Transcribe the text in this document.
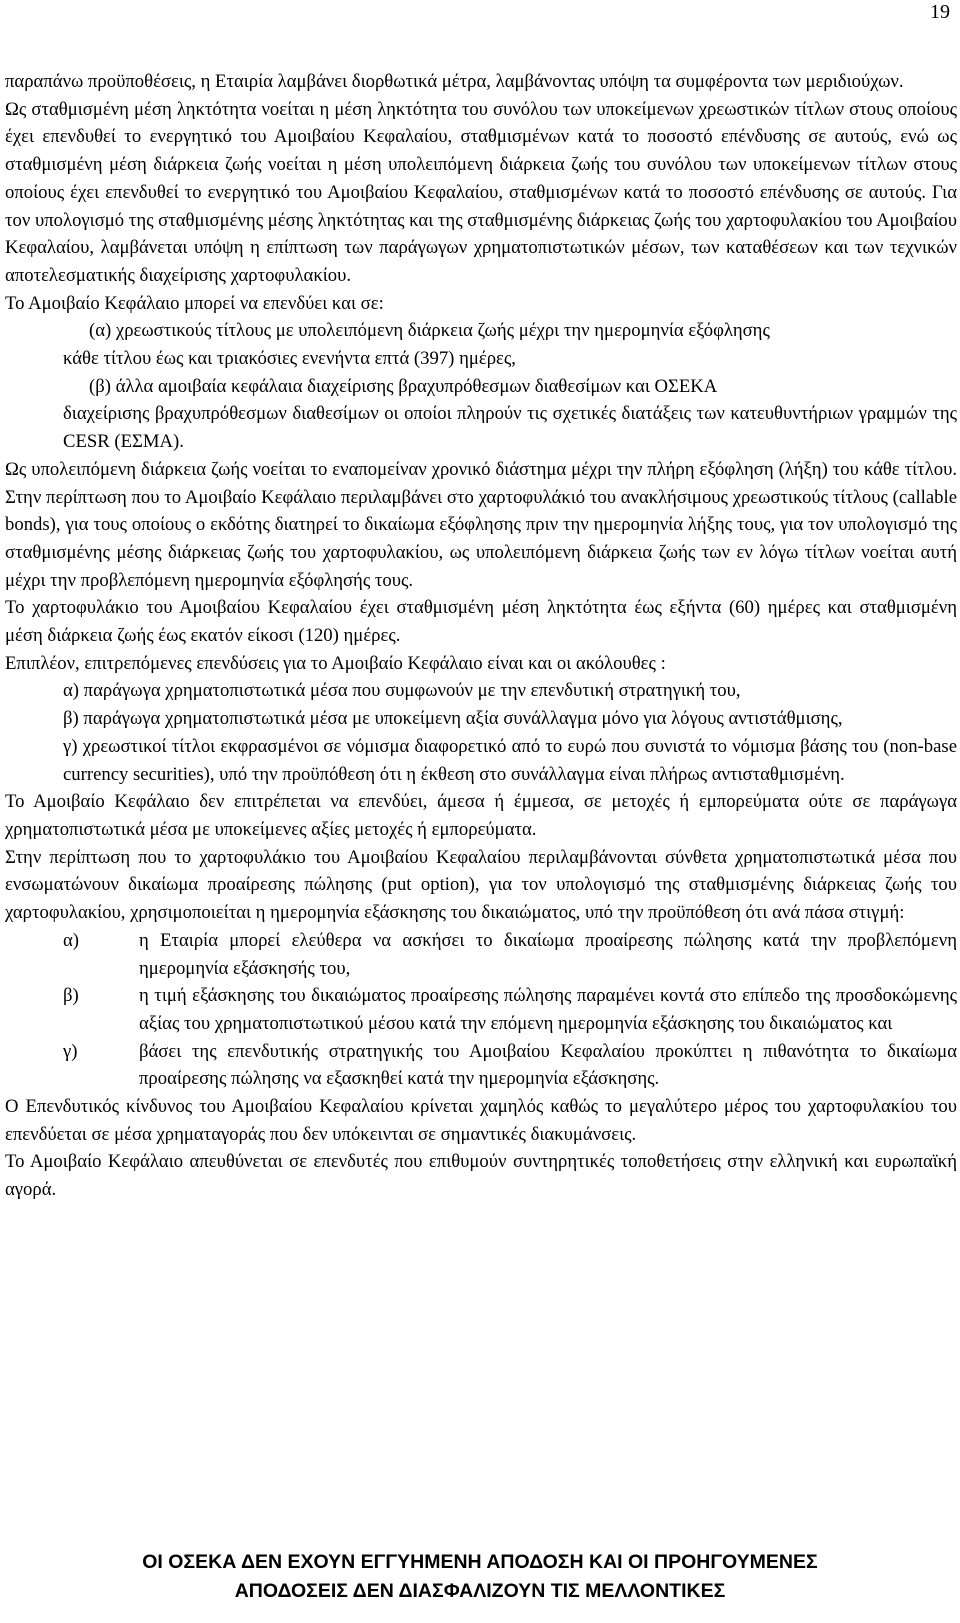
19

παραπάνω προϋποθέσεις, η Εταιρία λαμβάνει διορθωτικά μέτρα, λαμβάνοντας υπόψη τα συμφέροντα των μεριδιούχων.

Ως σταθμισμένη μέση ληκτότητα νοείται η μέση ληκτότητα του συνόλου των υποκείμενων χρεωστικών τίτλων στους οποίους έχει επενδυθεί το ενεργητικό του Αμοιβαίου Κεφαλαίου, σταθμισμένων κατά το ποσοστό επένδυσης σε αυτούς, ενώ ως σταθμισμένη μέση διάρκεια ζωής νοείται η μέση υπολειπόμενη διάρκεια ζωής του συνόλου των υποκείμενων τίτλων στους οποίους έχει επενδυθεί το ενεργητικό του Αμοιβαίου Κεφαλαίου, σταθμισμένων κατά το ποσοστό επένδυσης σε αυτούς. Για τον υπολογισμό της σταθμισμένης μέσης ληκτότητας και της σταθμισμένης διάρκειας ζωής του χαρτοφυλακίου του Αμοιβαίου Κεφαλαίου, λαμβάνεται υπόψη η επίπτωση των παράγωγων χρηματοπιστωτικών μέσων, των καταθέσεων και των τεχνικών αποτελεσματικής διαχείρισης χαρτοφυλακίου.

Το Αμοιβαίο Κεφάλαιο μπορεί να επενδύει και σε:

(α) χρεωστικούς τίτλους με υπολειπόμενη διάρκεια ζωής μέχρι την ημερομηνία εξόφλησης

κάθε τίτλου έως και τριακόσιες ενενήντα επτά (397) ημέρες,

(β) άλλα αμοιβαία κεφάλαια διαχείρισης βραχυπρόθεσμων διαθεσίμων και ΟΣΕΚΑ

διαχείρισης βραχυπρόθεσμων διαθεσίμων οι οποίοι πληρούν τις σχετικές διατάξεις των κατευθυντήριων γραμμών της CESR (ΕΣΜΑ).

Ως υπολειπόμενη διάρκεια ζωής νοείται το εναπομείναν χρονικό διάστημα μέχρι την πλήρη εξόφληση (λήξη) του κάθε τίτλου. Στην περίπτωση που το Αμοιβαίο Κεφάλαιο περιλαμβάνει στο χαρτοφυλάκιό του ανακλήσιμους χρεωστικούς τίτλους (callable bonds), για τους οποίους ο εκδότης διατηρεί το δικαίωμα εξόφλησης πριν την ημερομηνία λήξης τους, για τον υπολογισμό της σταθμισμένης μέσης διάρκειας ζωής του χαρτοφυλακίου, ως υπολειπόμενη διάρκεια ζωής των εν λόγω τίτλων νοείται αυτή μέχρι την προβλεπόμενη ημερομηνία εξόφλησής τους.

Το χαρτοφυλάκιο του Αμοιβαίου Κεφαλαίου έχει σταθμισμένη μέση ληκτότητα έως εξήντα (60) ημέρες και σταθμισμένη μέση διάρκεια ζωής έως εκατόν είκοσι (120) ημέρες.

Επιπλέον, επιτρεπόμενες επενδύσεις για το Αμοιβαίο Κεφάλαιο είναι και οι ακόλουθες :

α) παράγωγα χρηματοπιστωτικά μέσα που συμφωνούν με την επενδυτική στρατηγική του,

β) παράγωγα χρηματοπιστωτικά μέσα με υποκείμενη αξία συνάλλαγμα μόνο για λόγους αντιστάθμισης,

γ) χρεωστικοί τίτλοι εκφρασμένοι σε νόμισμα διαφορετικό από το ευρώ που συνιστά το νόμισμα βάσης του (non-base currency securities), υπό την προϋπόθεση ότι η έκθεση στο συνάλλαγμα είναι πλήρως αντισταθμισμένη.

Το Αμοιβαίο Κεφάλαιο δεν επιτρέπεται να επενδύει, άμεσα ή έμμεσα, σε μετοχές ή εμπορεύματα ούτε σε παράγωγα χρηματοπιστωτικά μέσα με υποκείμενες αξίες μετοχές ή εμπορεύματα.

Στην περίπτωση που το χαρτοφυλάκιο του Αμοιβαίου Κεφαλαίου περιλαμβάνονται σύνθετα χρηματοπιστωτικά μέσα που ενσωματώνουν δικαίωμα προαίρεσης πώλησης (put option), για τον υπολογισμό της σταθμισμένης διάρκειας ζωής του χαρτοφυλακίου, χρησιμοποιείται η ημερομηνία εξάσκησης του δικαιώματος, υπό την προϋπόθεση ότι ανά πάσα στιγμή:

α)	η Εταιρία μπορεί ελεύθερα να ασκήσει το δικαίωμα προαίρεσης πώλησης κατά την προβλεπόμενη ημερομηνία εξάσκησής του,

β)	η τιμή εξάσκησης του δικαιώματος προαίρεσης πώλησης παραμένει κοντά στο επίπεδο της προσδοκώμενης αξίας του χρηματοπιστωτικού μέσου κατά την επόμενη ημερομηνία εξάσκησης του δικαιώματος και

γ)	βάσει της επενδυτικής στρατηγικής του Αμοιβαίου Κεφαλαίου προκύπτει η πιθανότητα το δικαίωμα προαίρεσης πώλησης να εξασκηθεί κατά την ημερομηνία εξάσκησης.

Ο Επενδυτικός κίνδυνος του Αμοιβαίου Κεφαλαίου κρίνεται χαμηλός καθώς το μεγαλύτερο μέρος του χαρτοφυλακίου του επενδύεται σε μέσα χρηματαγοράς που δεν υπόκεινται σε σημαντικές διακυμάνσεις.

Το Αμοιβαίο Κεφάλαιο απευθύνεται σε επενδυτές που επιθυμούν συντηρητικές τοποθετήσεις στην ελληνική και ευρωπαϊκή αγορά.

ΟΙ ΟΣΕΚΑ ΔΕΝ ΕΧΟΥΝ ΕΓΓΥΗΜΕΝΗ ΑΠΟΔΟΣΗ ΚΑΙ ΟΙ ΠΡΟΗΓΟΥΜΕΝΕΣ
ΑΠΟΔΟΣΕΙΣ ΔΕΝ ΔΙΑΣΦΑΛΙΖΟΥΝ ΤΙΣ ΜΕΛΛΟΝΤΙΚΕΣ
